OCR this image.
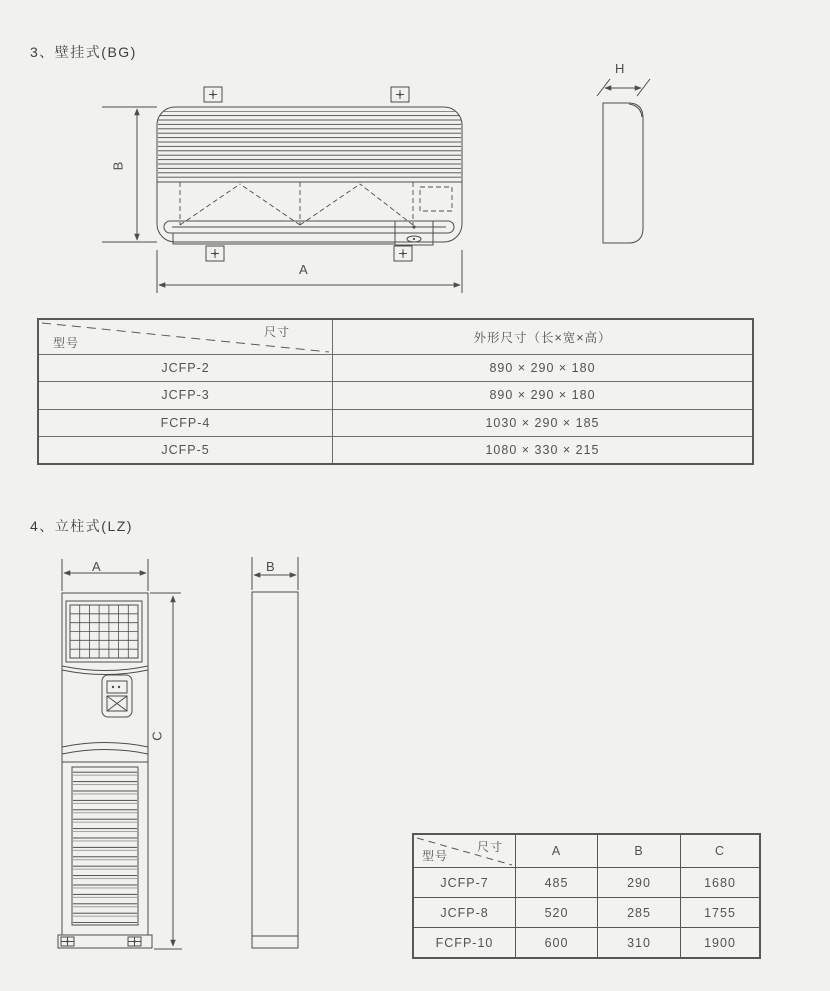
3、壁挂式(BG)
B
A
H
尺寸
型号	外形尺寸（长×宽×高）
JCFP-2	890 × 290 × 180
JCFP-3	890 × 290 × 180
FCFP-4	1030 × 290 × 185
JCFP-5	1080 × 330 × 215
4、立柱式(LZ)
A	B
C
尺寸
型号	A	B	C
JCFP-7	485	290	1680
JCFP-8	520	285	1755
FCFP-10	600	310	1900
